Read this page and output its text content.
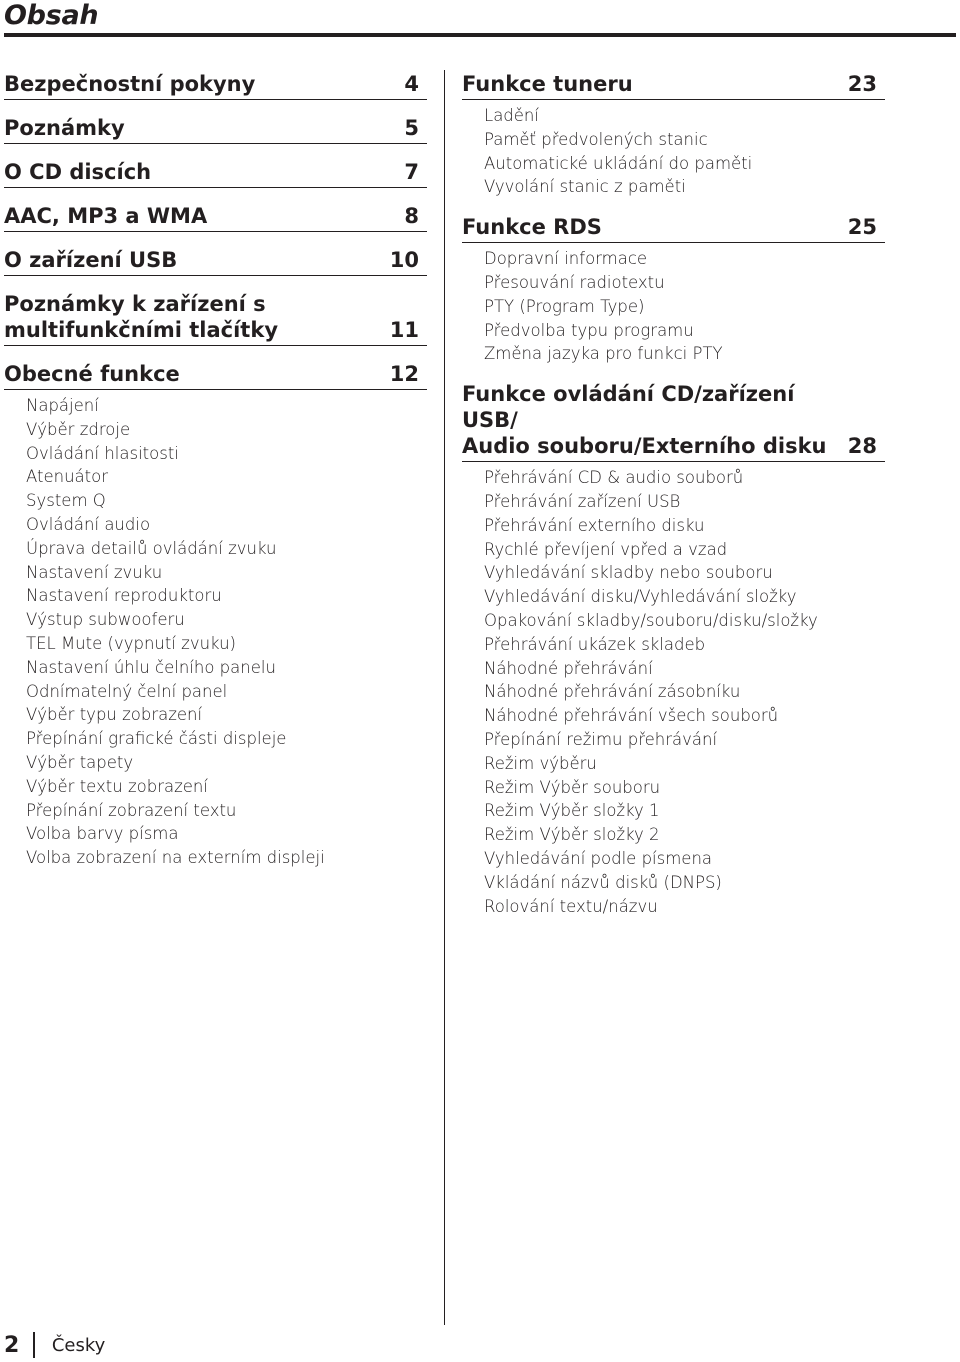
Obsah
Bezpečnostní pokyny	4
Poznámky	5
O CD discích	7
AAC, MP3 a WMA	8
O zařízení USB	10
Poznámky k zařízení s
multifunkčními tlačítky	11
Obecné funkce	12
Napájení
Výběr zdroje
Ovládání hlasitosti
Atenuátor
System Q
Ovládání audio
Úprava detailů ovládání zvuku
Nastavení zvuku
Nastavení reproduktoru
Výstup subwooferu
TEL Mute (vypnutí zvuku)
Nastavení úhlu čelního panelu
Odnímatelný čelní panel
Výběr typu zobrazení
Přepínání grafické části displeje
Výběr tapety
Výběr textu zobrazení
Přepínání zobrazení textu
Volba barvy písma
Volba zobrazení na externím displeji
Funkce tuneru	23
Ladění
Paměť předvolených stanic
Automatické ukládání do paměti
Vyvolání stanic z paměti
Funkce RDS	25
Dopravní informace
Přesouvání radiotextu
PTY (Program Type)
Předvolba typu programu
Změna jazyka pro funkci PTY
Funkce ovládání CD/zařízení USB/
Audio souboru/Externího disku	28
Přehrávání CD & audio souborů
Přehrávání zařízení USB
Přehrávání externího disku
Rychlé převíjení vpřed a vzad
Vyhledávání skladby nebo souboru
Vyhledávání disku/Vyhledávání složky
Opakování skladby/souboru/disku/složky
Přehrávání ukázek skladeb
Náhodné přehrávání
Náhodné přehrávání zásobníku
Náhodné přehrávání všech souborů
Přepínání režimu přehrávání
Režim výběru
Režim Výběr souboru
Režim Výběr složky 1
Režim Výběr složky 2
Vyhledávání podle písmena
Vkládání názvů disků (DNPS)
Rolování textu/názvu
2 Česky
